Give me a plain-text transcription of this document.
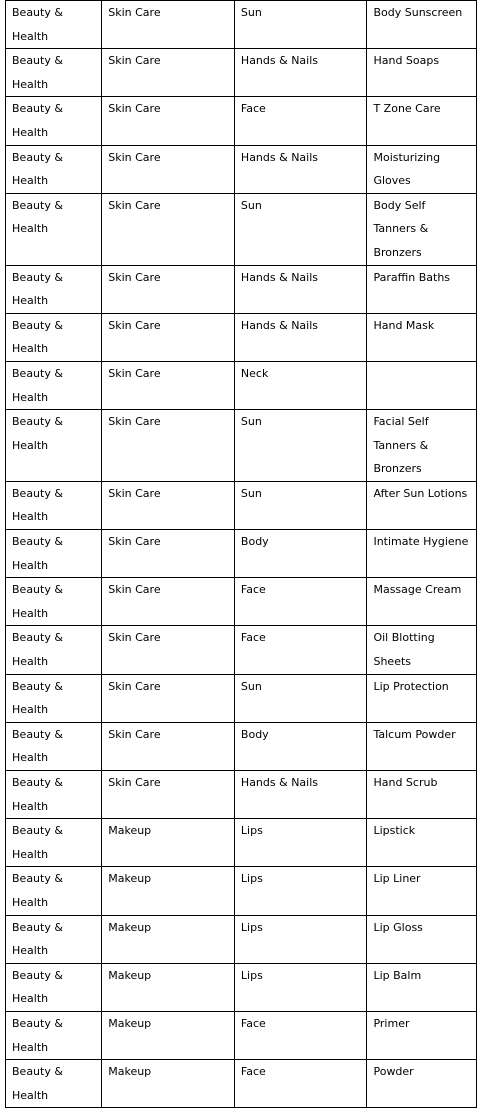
Beauty & Health	Skin Care	Sun	Body Sunscreen
Beauty & Health	Skin Care	Hands & Nails	Hand Soaps
Beauty & Health	Skin Care	Face	T Zone Care
Beauty & Health	Skin Care	Hands & Nails	Moisturizing Gloves
Beauty & Health	Skin Care	Sun	Body Self Tanners & Bronzers
Beauty & Health	Skin Care	Hands & Nails	Paraffin Baths
Beauty & Health	Skin Care	Hands & Nails	Hand Mask
Beauty & Health	Skin Care	Neck	
Beauty & Health	Skin Care	Sun	Facial Self Tanners & Bronzers
Beauty & Health	Skin Care	Sun	After Sun Lotions
Beauty & Health	Skin Care	Body	Intimate Hygiene
Beauty & Health	Skin Care	Face	Massage Cream
Beauty & Health	Skin Care	Face	Oil Blotting Sheets
Beauty & Health	Skin Care	Sun	Lip Protection
Beauty & Health	Skin Care	Body	Talcum Powder
Beauty & Health	Skin Care	Hands & Nails	Hand Scrub
Beauty & Health	Makeup	Lips	Lipstick
Beauty & Health	Makeup	Lips	Lip Liner
Beauty & Health	Makeup	Lips	Lip Gloss
Beauty & Health	Makeup	Lips	Lip Balm
Beauty & Health	Makeup	Face	Primer
Beauty & Health	Makeup	Face	Powder
